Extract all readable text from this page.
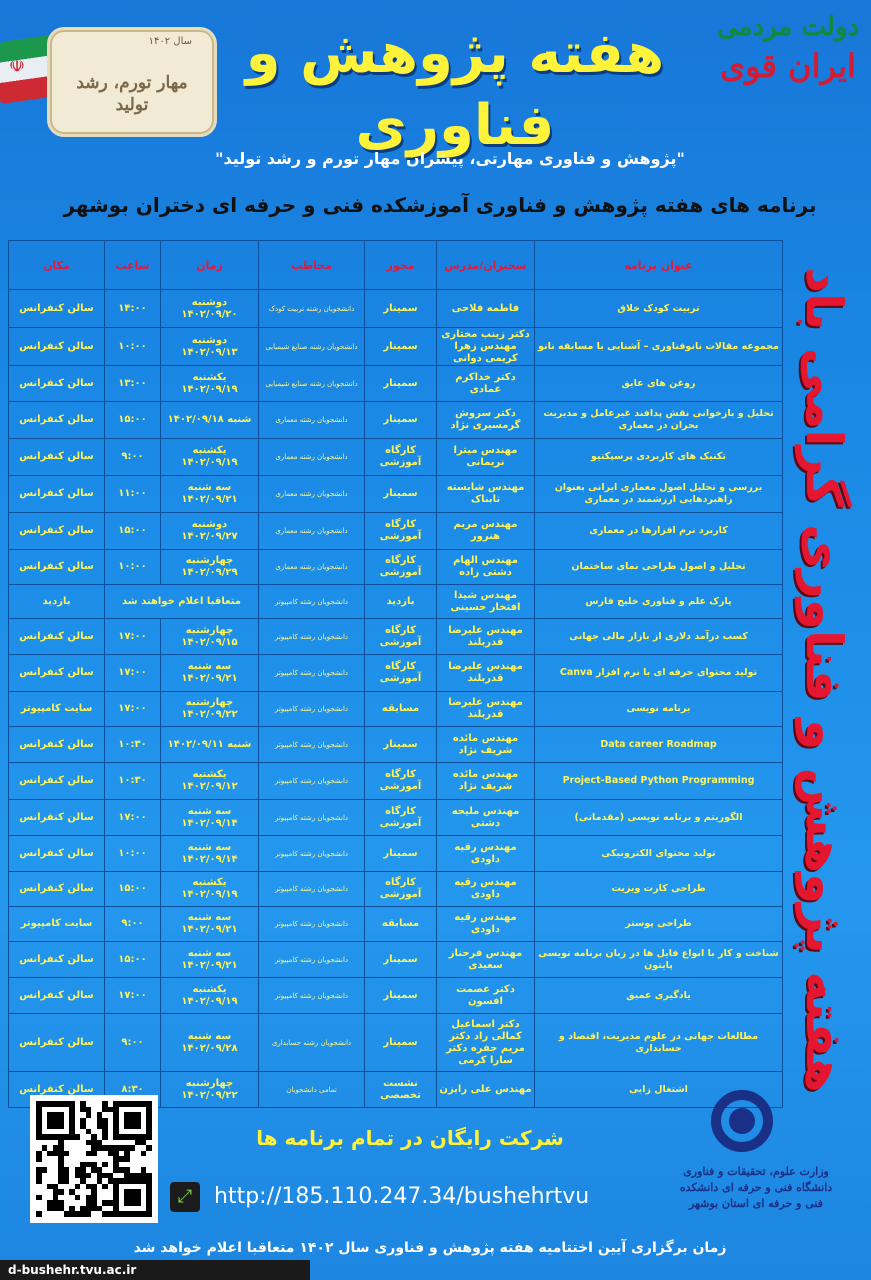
☫
سال ۱۴۰۲
مهار تورم، رشد تولید
هفته پژوهش و فناوری
دولت مردمی
ایران قوی
"پژوهش و فناوری مهارتی، پیشران مهار تورم و رشد تولید"
برنامه های هفته پژوهش و فناوری آموزشکده فنی و حرفه ای دختران بوشهر
عنوان برنامه	سخنران/مدرس	محور	مخاطب	زمان	ساعت	مکان
تربیت کودک خلاق	فاطمه فلاحی	سمینار	دانشجویان رشته تربیت کودک	دوشنبه ۱۴۰۲/۰۹/۲۰	۱۴:۰۰	سالن کنفرانس
مجموعه مقالات نانوفناوری – آشنایی با مسابقه نانو	دکتر زینب مختاری مهندس زهرا کریمی دوانی	سمینار	دانشجویان رشته صنایع شیمیایی	دوشنبه ۱۴۰۲/۰۹/۱۳	۱۰:۰۰	سالن کنفرانس
روغن های عایق	دکتر خداکرم عمادی	سمینار	دانشجویان رشته صنایع شیمیایی	یکشنبه ۱۴۰۲/۰۹/۱۹	۱۳:۰۰	سالن کنفرانس
تحلیل و بازخوانی نقش پدافند غیرعامل و مدیریت بحران در معماری	دکتر سروش گرمسیری نژاد	سمینار	دانشجویان رشته معماری	شنبه ۱۴۰۲/۰۹/۱۸	۱۵:۰۰	سالن کنفرانس
تکنیک های کاربردی پرسپکتیو	مهندس میترا نریمانی	کارگاه آموزشی	دانشجویان رشته معماری	یکشنبه ۱۴۰۲/۰۹/۱۹	۹:۰۰	سالن کنفرانس
بررسی و تحلیل اصول معماری ایرانی بعنوان راهبردهایی ارزشمند در معماری	مهندس شایسته تابناک	سمینار	دانشجویان رشته معماری	سه شنبه ۱۴۰۲/۰۹/۲۱	۱۱:۰۰	سالن کنفرانس
کاربرد نرم افزارها در معماری	مهندس مریم هنرور	کارگاه آموزشی	دانشجویان رشته معماری	دوشنبه ۱۴۰۲/۰۹/۲۷	۱۵:۰۰	سالن کنفرانس
تحلیل و اصول طراحی نمای ساختمان	مهندس الهام دشتی زاده	کارگاه آموزشی	دانشجویان رشته معماری	چهارشنبه ۱۴۰۲/۰۹/۲۹	۱۰:۰۰	سالن کنفرانس
پارک علم و فناوری خلیج فارس	مهندس شیدا افتخار حسینی	بازدید	دانشجویان رشته کامپیوتر	متعاقبا اعلام خواهند شد		بازدید
کسب درآمد دلاری از بازار مالی جهانی	مهندس علیرضا قدربلند	کارگاه آموزشی	دانشجویان رشته کامپیوتر	چهارشنبه ۱۴۰۲/۰۹/۱۵	۱۷:۰۰	سالن کنفرانس
تولید محتوای حرفه ای با نرم افزار Canva	مهندس علیرضا قدربلند	کارگاه آموزشی	دانشجویان رشته کامپیوتر	سه شنبه ۱۴۰۲/۰۹/۲۱	۱۷:۰۰	سالن کنفرانس
برنامه نویسی	مهندس علیرضا قدربلند	مسابقه	دانشجویان رشته کامپیوتر	چهارشنبه ۱۴۰۲/۰۹/۲۲	۱۷:۰۰	سایت کامپیوتر
Data career Roadmap	مهندس مائده شریف نژاد	سمینار	دانشجویان رشته کامپیوتر	شنبه ۱۴۰۲/۰۹/۱۱	۱۰:۳۰	سالن کنفرانس
Project-Based Python Programming	مهندس مائده شریف نژاد	کارگاه آموزشی	دانشجویان رشته کامپیوتر	یکشنبه ۱۴۰۲/۰۹/۱۲	۱۰:۳۰	سالن کنفرانس
الگوریتم و برنامه نویسی (مقدماتی)	مهندس ملیحه دشتی	کارگاه آموزشی	دانشجویان رشته کامپیوتر	سه شنبه ۱۴۰۲/۰۹/۱۴	۱۷:۰۰	سالن کنفرانس
تولید محتوای الکترونیکی	مهندس رقیه داودی	سمینار	دانشجویان رشته کامپیوتر	سه شنبه ۱۴۰۲/۰۹/۱۴	۱۰:۰۰	سالن کنفرانس
طراحی کارت ویزیت	مهندس رقیه داودی	کارگاه آموزشی	دانشجویان رشته کامپیوتر	یکشنبه ۱۴۰۲/۰۹/۱۹	۱۵:۰۰	سالن کنفرانس
طراحی پوستر	مهندس رقیه داودی	مسابقه	دانشجویان رشته کامپیوتر	سه شنبه ۱۴۰۲/۰۹/۲۱	۹:۰۰	سایت کامپیوتر
شناخت و کار با انواع فایل ها در زبان برنامه نویسی پایتون	مهندس فرحناز سعیدی	سمینار	دانشجویان رشته کامپیوتر	سه شنبه ۱۴۰۲/۰۹/۲۱	۱۵:۰۰	سالن کنفرانس
یادگیری عمیق	دکتر عصمت افسون	سمینار	دانشجویان رشته کامپیوتر	یکشنبه ۱۴۰۲/۰۹/۱۹	۱۷:۰۰	سالن کنفرانس
مطالعات جهانی در علوم مدیریت، اقتصاد و حسابداری	دکتر اسماعیل کمالی راد دکتر مریم جفره دکتر سارا کرمی	سمینار	دانشجویان رشته حسابداری	سه شنبه ۱۴۰۲/۰۹/۲۸	۹:۰۰	سالن کنفرانس
اشتغال زایی	مهندس علی رایزن	نشست تخصصی	تمامی دانشجویان	چهارشنبه ۱۴۰۲/۰۹/۲۲	۸:۳۰	سالن کنفرانس	هفته پژوهش و فناوری گرامی باد
شرکت رایگان در تمام برنامه ها
⤢ http://185.110.247.34/bushehrtvu
وزارت علوم، تحقیقات و فناوری دانشگاه فنی و حرفه ای دانشکده فنی و حرفه ای استان بوشهر
زمان برگزاری آیین اختتامیه هفته پژوهش و فناوری سال ۱۴۰۲ متعاقبا اعلام خواهد شد
d-bushehr.tvu.ac.ir
